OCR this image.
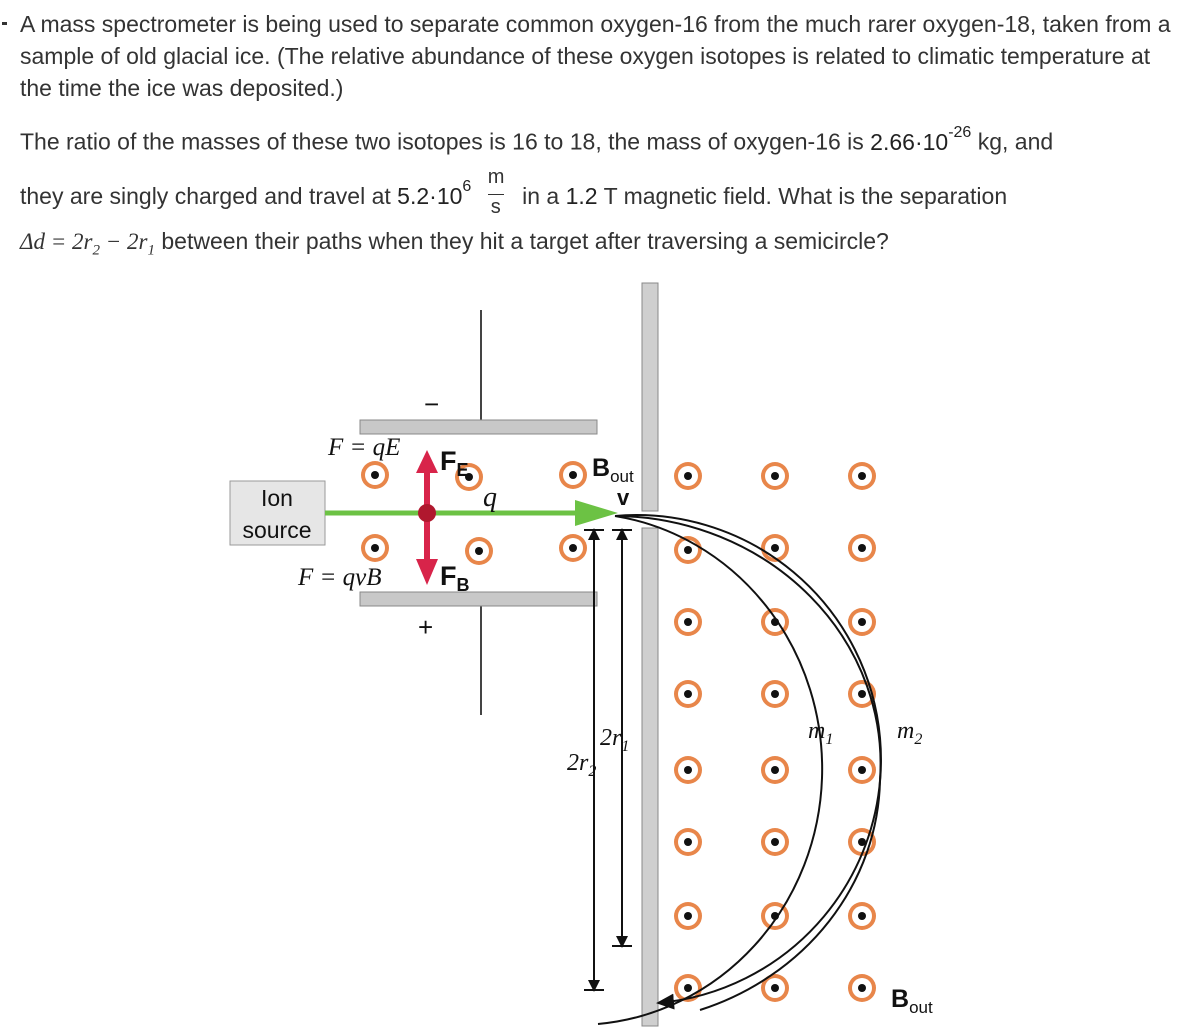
A mass spectrometer is being used to separate common oxygen-16 from the much rarer oxygen-18, taken from a sample of old glacial ice. (The relative abundance of these oxygen isotopes is related to climatic temperature at the time the ice was deposited.)
The ratio of the masses of these two isotopes is 16 to 18, the mass of oxygen-16 is $2.66\cdot 10^{-26}$ kg, and
they are singly charged and travel at $5.2\cdot 10^6 \frac{m}{s}$ in a 1.2 T magnetic field. What is the separation
$\Delta d = 2r_2 - 2r_1$ between their paths when they hit a target after traversing a semicircle?
Ion
source
F = qE $F_E$
F = qvB $F_B$
q
−
+
$B_{out}$
v
$2r_1$
$2r_2$
$m_1$	$m_2$
$B_{out}$
